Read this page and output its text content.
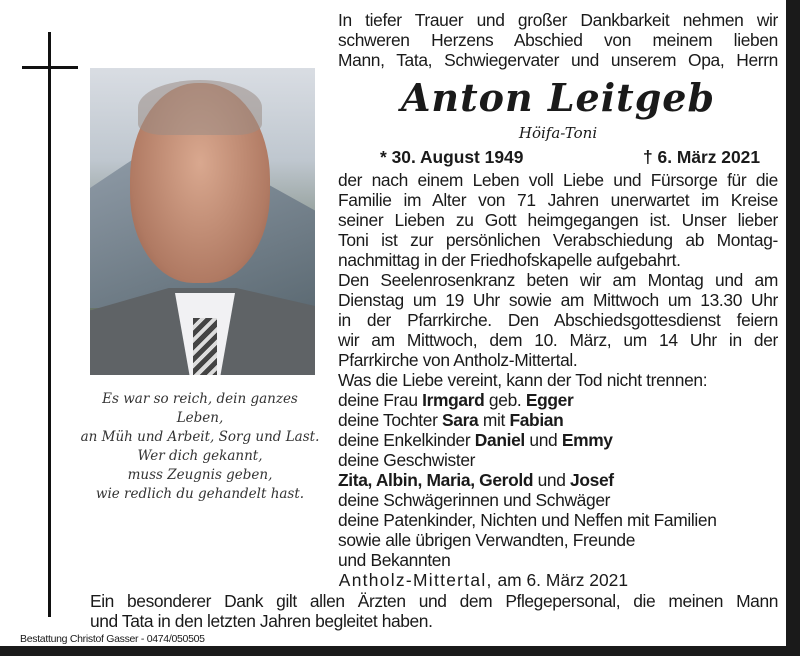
Es war so reich, dein ganzes Leben,
an Müh und Arbeit, Sorg und Last.
Wer dich gekannt,
muss Zeugnis geben,
wie redlich du gehandelt hast.
In tiefer Trauer und großer Dankbarkeit nehmen wir
schweren Herzens Abschied von meinem lieben
Mann, Tata, Schwiegervater und unserem Opa, Herrn
Anton Leitgeb
Höifa-Toni
* 30. August 1949	† 6. März 2021
der nach einem Leben voll Liebe und Fürsorge für die
Familie im Alter von 71 Jahren unerwartet im Kreise
seiner Lieben zu Gott heimgegangen ist. Unser lieber
Toni ist zur persönlichen Verabschiedung ab Montag-
nachmittag in der Friedhofskapelle aufgebahrt.
Den Seelenrosenkranz beten wir am Montag und am
Dienstag um 19 Uhr sowie am Mittwoch um 13.30 Uhr
in der Pfarrkirche. Den Abschiedsgottesdienst feiern
wir am Mittwoch, dem 10. März, um 14 Uhr in der
Pfarrkirche von Antholz-Mittertal.
Was die Liebe vereint, kann der Tod nicht trennen:
deine Frau Irmgard geb. Egger
deine Tochter Sara mit Fabian
deine Enkelkinder Daniel und Emmy
deine Geschwister
Zita, Albin, Maria, Gerold und Josef
deine Schwägerinnen und Schwäger
deine Patenkinder, Nichten und Neffen mit Familien
sowie alle übrigen Verwandten, Freunde
und Bekannten
Antholz-Mittertal, am 6. März 2021
Ein besonderer Dank gilt allen Ärzten und dem Pflegepersonal, die meinen Mann
und Tata in den letzten Jahren begleitet haben.
Bestattung Christof Gasser - 0474/050505
